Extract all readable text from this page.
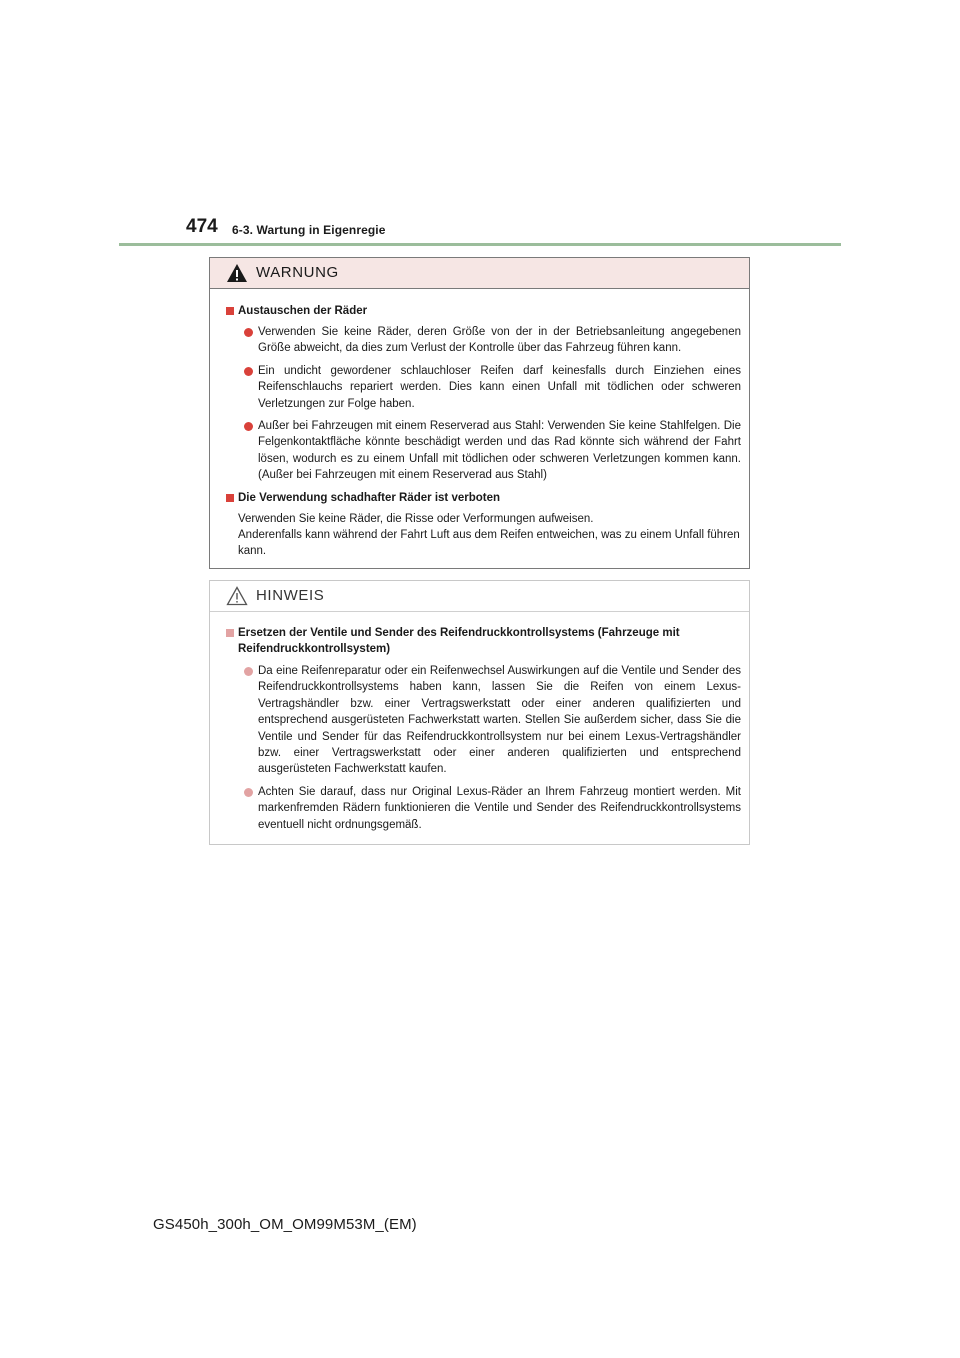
474 6-3. Wartung in Eigenregie
WARNUNG
Austauschen der Räder
Verwenden Sie keine Räder, deren Größe von der in der Betriebsanleitung angegebenen Größe abweicht, da dies zum Verlust der Kontrolle über das Fahrzeug führen kann.
Ein undicht gewordener schlauchloser Reifen darf keinesfalls durch Einziehen eines Reifenschlauchs repariert werden. Dies kann einen Unfall mit tödlichen oder schweren Verletzungen zur Folge haben.
Außer bei Fahrzeugen mit einem Reserverad aus Stahl: Verwenden Sie keine Stahlfelgen. Die Felgenkontaktfläche könnte beschädigt werden und das Rad könnte sich während der Fahrt lösen, wodurch es zu einem Unfall mit tödlichen oder schweren Verletzungen kommen kann. (Außer bei Fahrzeugen mit einem Reserverad aus Stahl)
Die Verwendung schadhafter Räder ist verboten
Verwenden Sie keine Räder, die Risse oder Verformungen aufweisen.
Anderenfalls kann während der Fahrt Luft aus dem Reifen entweichen, was zu einem Unfall führen kann.
HINWEIS
Ersetzen der Ventile und Sender des Reifendruckkontrollsystems (Fahrzeuge mit Reifendruckkontrollsystem)
Da eine Reifenreparatur oder ein Reifenwechsel Auswirkungen auf die Ventile und Sender des Reifendruckkontrollsystems haben kann, lassen Sie die Reifen von einem Lexus-Vertragshändler bzw. einer Vertragswerkstatt oder einer anderen qualifizierten und entsprechend ausgerüsteten Fachwerkstatt warten. Stellen Sie außerdem sicher, dass Sie die Ventile und Sender für das Reifendruckkontrollsystem nur bei einem Lexus-Vertragshändler bzw. einer Vertragswerkstatt oder einer anderen qualifizierten und entsprechend ausgerüsteten Fachwerkstatt kaufen.
Achten Sie darauf, dass nur Original Lexus-Räder an Ihrem Fahrzeug montiert werden. Mit markenfremden Rädern funktionieren die Ventile und Sender des Reifendruckkontrollsystems eventuell nicht ordnungsgemäß.
GS450h_300h_OM_OM99M53M_(EM)
